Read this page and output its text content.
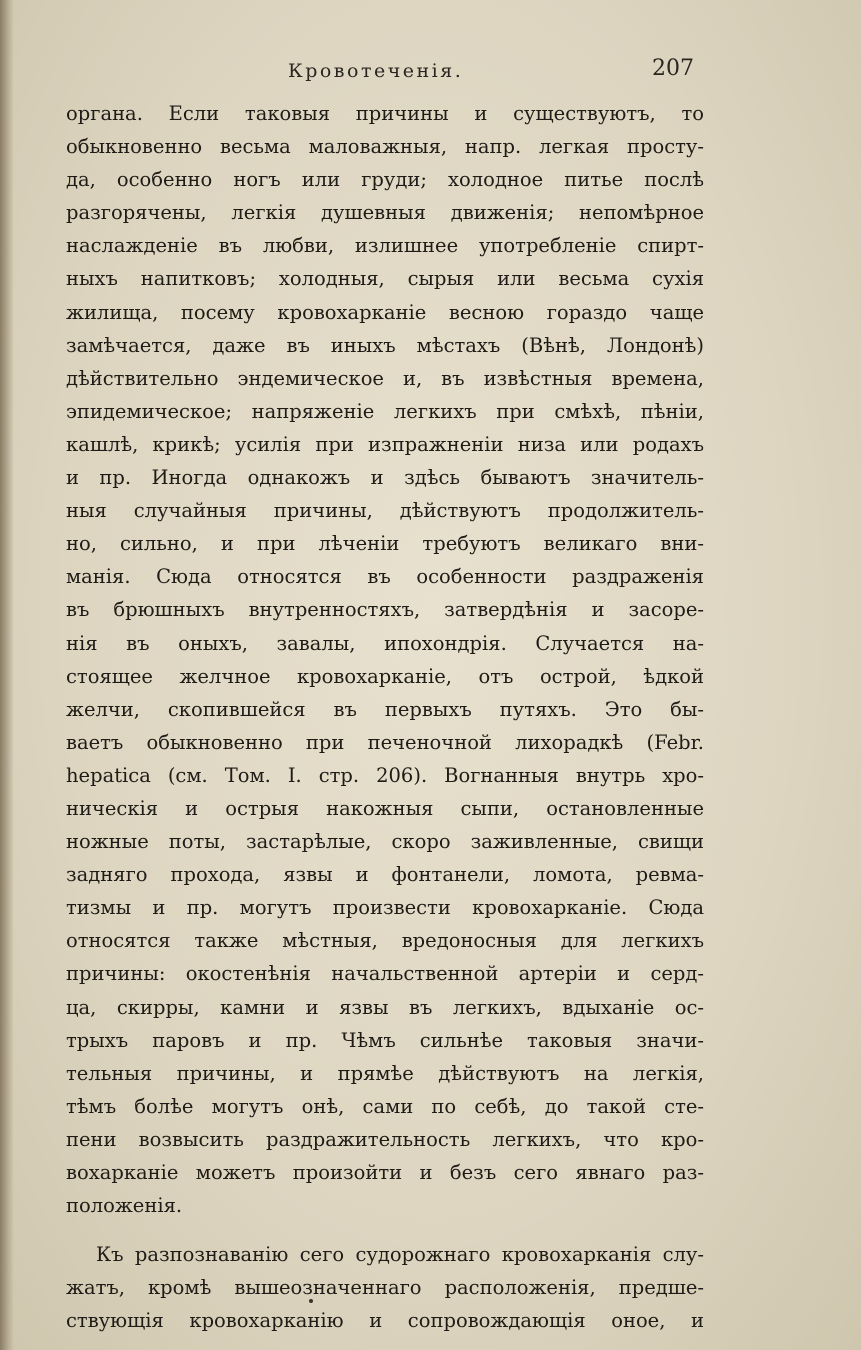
Кровотеченія.	207
органа. Если таковыя причины и существуютъ, то
обыкновенно весьма маловажныя, напр. легкая просту-
да, особенно ногъ или груди; холодное питье послѣ
разгорячены, легкія душевныя движенія; непомѣрное
наслажденіе въ любви, излишнее употребленіе спирт-
ныхъ напитковъ; холодныя, сырыя или весьма сухія
жилища, посему кровохарканіе весною гораздо чаще
замѣчается, даже въ иныхъ мѣстахъ (Вѣнѣ, Лондонѣ)
дѣйствительно эндемическое и, въ извѣстныя времена,
эпидемическое; напряженіе легкихъ при смѣхѣ, пѣніи,
кашлѣ, крикѣ; усилія при изпражненіи низа или родахъ
и пр. Иногда однакожъ и здѣсь бываютъ значитель-
ныя случайныя причины, дѣйствуютъ продолжитель-
но, сильно, и при лѣченіи требуютъ великаго вни-
манія. Сюда относятся въ особенности раздраженія
въ брюшныхъ внутренностяхъ, затвердѣнія и засоре-
нія въ оныхъ, завалы, ипохондрія. Случается на-
стоящее желчное кровохарканіе, отъ острой, ѣдкой
желчи, скопившейся въ первыхъ путяхъ. Это бы-
ваетъ обыкновенно при печеночной лихорадкѣ (Febr.
hepatica (см. Том. I. стр. 206). Вогнанныя внутрь хро-
ническія и острыя накожныя сыпи, остановленные
ножные поты, застарѣлые, скоро заживленные, свищи
задняго прохода, язвы и фонтанели, ломота, ревма-
тизмы и пр. могутъ произвести кровохарканіе. Сюда
относятся также мѣстныя, вредоносныя для легкихъ
причины: окостенѣнія начальственной артеріи и серд-
ца, скирры, камни и язвы въ легкихъ, вдыханіе ос-
трыхъ паровъ и пр. Чѣмъ сильнѣе таковыя значи-
тельныя причины, и прямѣе дѣйствуютъ на легкія,
тѣмъ болѣе могутъ онѣ, сами по себѣ, до такой сте-
пени возвысить раздражительность легкихъ, что кро-
вохарканіе можетъ произойти и безъ сего явнаго раз-
положенія.
Къ разпознаванію сего судорожнаго кровохарканія слу-
жатъ, кромѣ вышеозначеннаго расположенія, предше-
ствующія кровохарканію и сопровождающія оное, и
